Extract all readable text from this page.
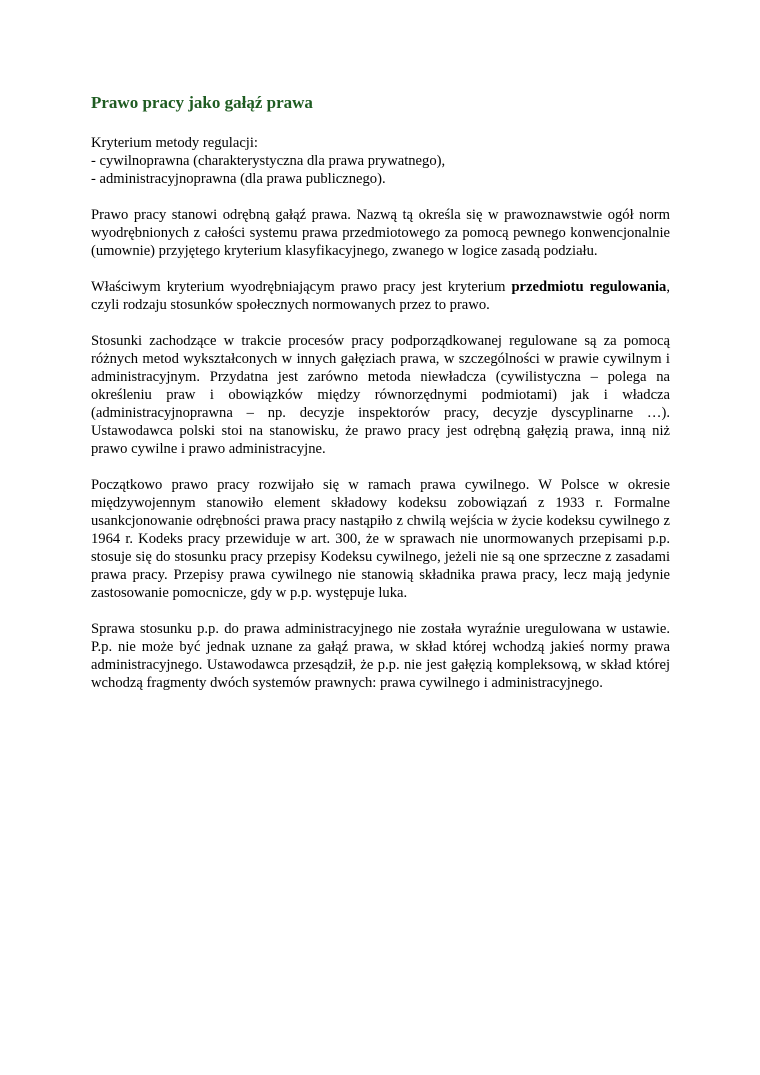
Prawo pracy jako gałąź prawa

Kryterium metody regulacji:
- cywilnoprawna (charakterystyczna dla prawa prywatnego),
- administracyjnoprawna (dla prawa publicznego).

Prawo pracy stanowi odrębną gałąź prawa. Nazwą tą określa się w prawoznawstwie ogół norm wyodrębnionych z całości systemu prawa przedmiotowego za pomocą pewnego konwencjonalnie (umownie) przyjętego kryterium klasyfikacyjnego, zwanego w logice zasadą podziału.

Właściwym kryterium wyodrębniającym prawo pracy jest kryterium przedmiotu regulowania, czyli rodzaju stosunków społecznych normowanych przez to prawo.

Stosunki zachodzące w trakcie procesów pracy podporządkowanej regulowane są za pomocą różnych metod wykształconych w innych gałęziach prawa, w szczególności w prawie cywilnym i administracyjnym. Przydatna jest zarówno metoda niewładcza (cywilistyczna – polega na określeniu praw i obowiązków między równorzędnymi podmiotami) jak i władcza (administracyjnoprawna – np. decyzje inspektorów pracy, decyzje dyscyplinarne …). Ustawodawca polski stoi na stanowisku, że prawo pracy jest odrębną gałęzią prawa, inną niż prawo cywilne i prawo administracyjne.

Początkowo prawo pracy rozwijało się w ramach prawa cywilnego. W Polsce w okresie międzywojennym stanowiło element składowy kodeksu zobowiązań z 1933 r. Formalne usankcjonowanie odrębności prawa pracy nastąpiło z chwilą wejścia w życie kodeksu cywilnego z 1964 r. Kodeks pracy przewiduje w art. 300, że w sprawach nie unormowanych przepisami p.p. stosuje się do stosunku pracy przepisy Kodeksu cywilnego, jeżeli nie są one sprzeczne z zasadami prawa pracy. Przepisy prawa cywilnego nie stanowią składnika prawa pracy, lecz mają jedynie zastosowanie pomocnicze, gdy w p.p. występuje luka.

Sprawa stosunku p.p. do prawa administracyjnego nie została wyraźnie uregulowana w ustawie. P.p. nie może być jednak uznane za gałąź prawa, w skład której wchodzą jakieś normy prawa administracyjnego. Ustawodawca przesądził, że p.p. nie jest gałęzią kompleksową, w skład której wchodzą fragmenty dwóch systemów prawnych: prawa cywilnego i administracyjnego.
